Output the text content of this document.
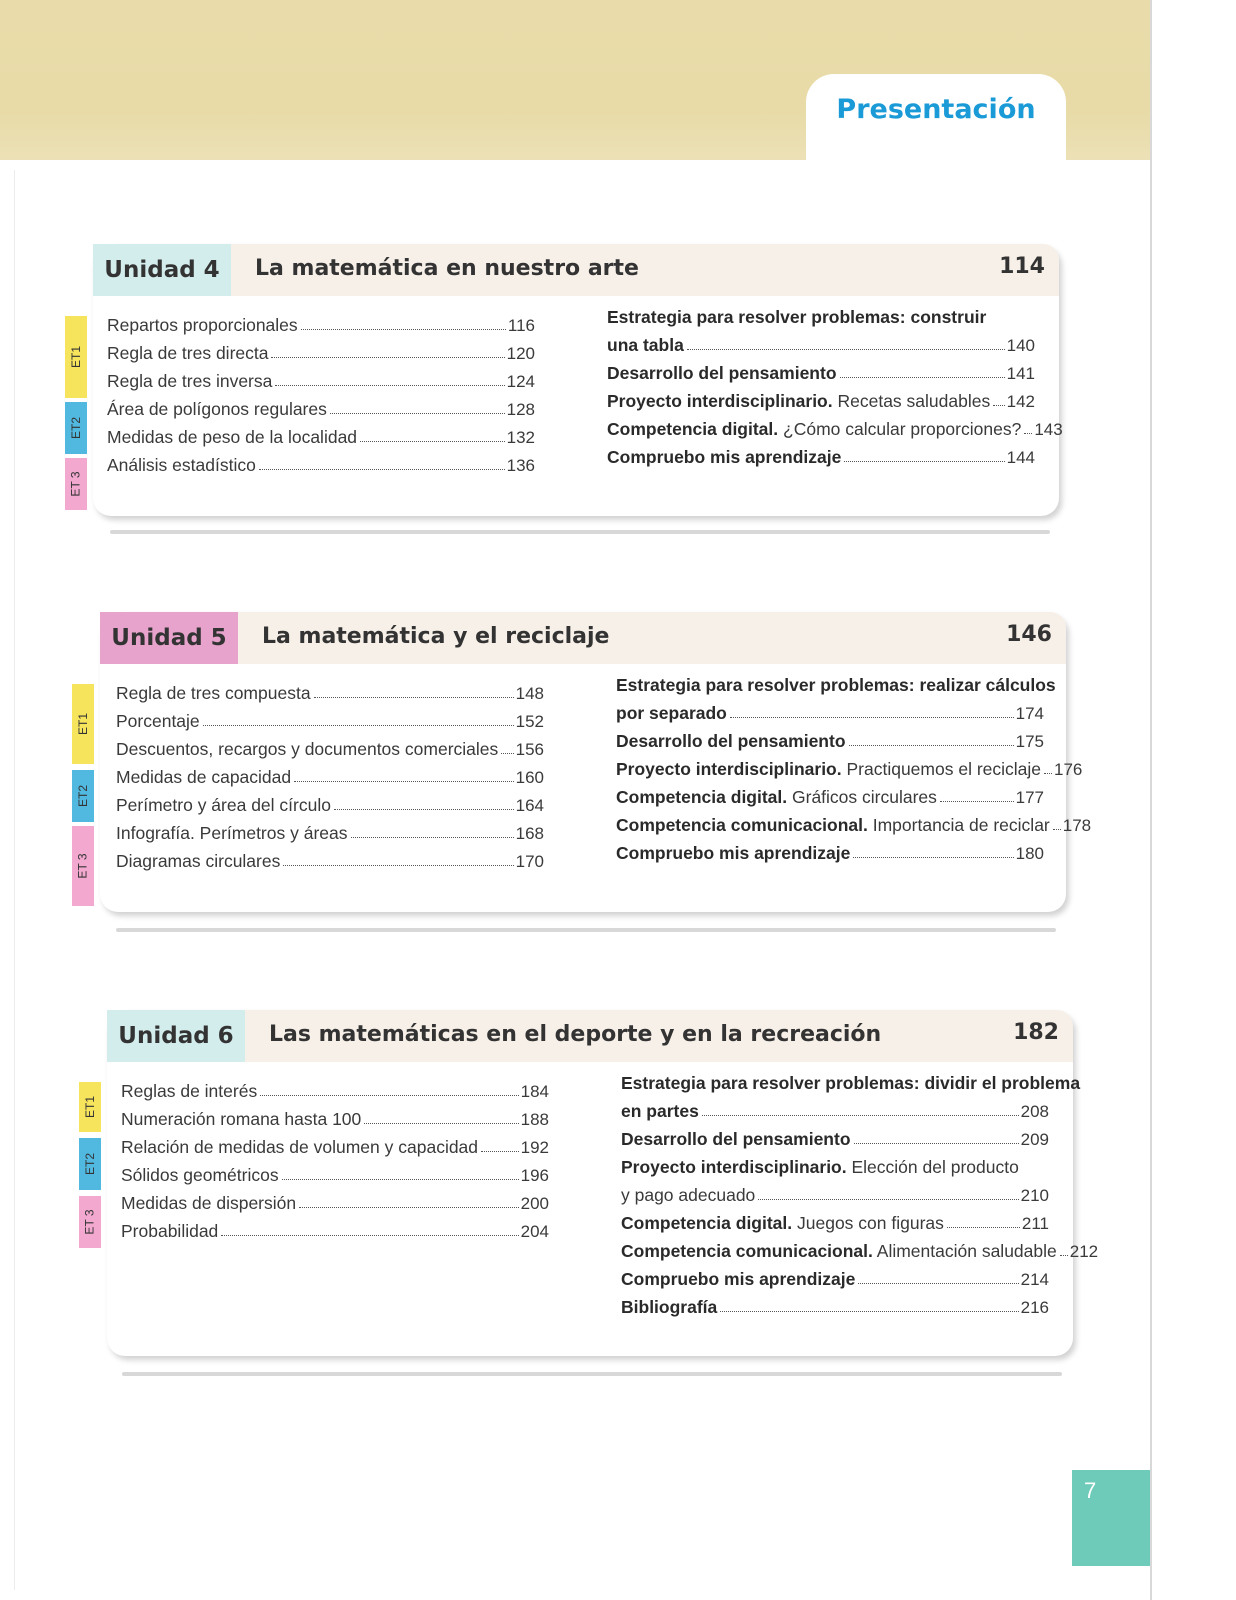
Presentación
Unidad 4	La matemática en nuestro arte	114
ET1
ET2
ET 3
Repartos proporcionales	116
Regla de tres directa	120
Regla de tres inversa	124
Área de polígonos regulares	128
Medidas de peso de la localidad	132
Análisis estadístico	136
Estrategia para resolver problemas: construir
una tabla	140
Desarrollo del pensamiento	141
Proyecto interdisciplinario. Recetas saludables 142
Competencia digital. ¿Cómo calcular proporciones? 143
Compruebo mis aprendizaje	144
Unidad 5	La matemática y el reciclaje	146
ET1
ET2
ET 3
Regla de tres compuesta	148
Porcentaje	152
Descuentos, recargos y documentos comerciales 156
Medidas de capacidad	160
Perímetro y área del círculo	164
Infografía. Perímetros y áreas	168
Diagramas circulares	170
Estrategia para resolver problemas: realizar cálculos
por separado	174
Desarrollo del pensamiento	175
Proyecto interdisciplinario. Practiquemos el reciclaje 176
Competencia digital. Gráficos circulares	177
Competencia comunicacional. Importancia de reciclar 178
Compruebo mis aprendizaje	180
Unidad 6	Las matemáticas en el deporte y en la recreación	182
ET1
ET2
ET 3
Reglas de interés	184
Numeración romana hasta 100	188
Relación de medidas de volumen y capacidad	192
Sólidos geométricos	196
Medidas de dispersión	200
Probabilidad	204
Estrategia para resolver problemas: dividir el problema
en partes	208
Desarrollo del pensamiento	209
Proyecto interdisciplinario. Elección del producto
y pago adecuado	210
Competencia digital. Juegos con figuras	211
Competencia comunicacional. Alimentación saludable 212
Compruebo mis aprendizaje	214
Bibliografía	216
7
